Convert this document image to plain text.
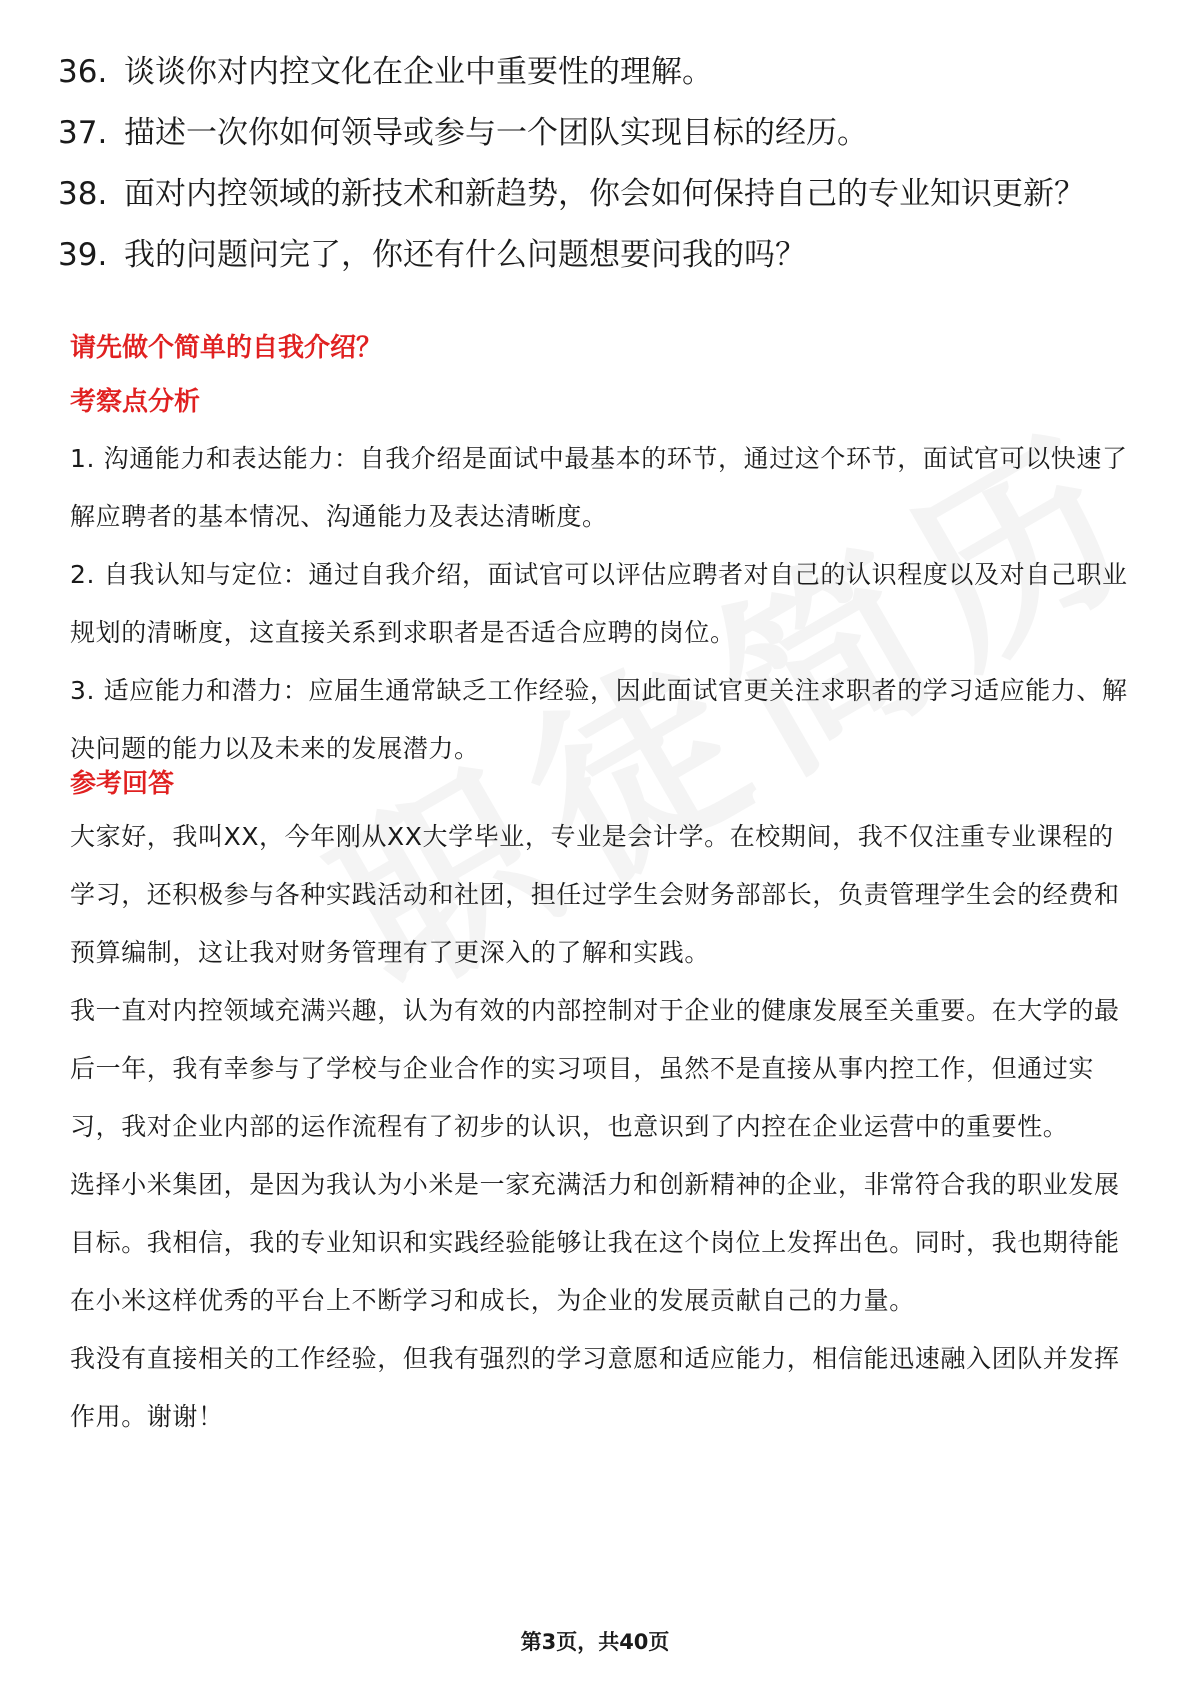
36. 谈谈你对内控文化在企业中重要性的理解。
37. 描述一次你如何领导或参与一个团队实现目标的经历。
38. 面对内控领域的新技术和新趋势，你会如何保持自己的专业知识更新？
39. 我的问题问完了，你还有什么问题想要问我的吗？
请先做个简单的自我介绍？
考察点分析
1. 沟通能力和表达能力：自我介绍是面试中最基本的环节，通过这个环节，面试官可以快速了解应聘者的基本情况、沟通能力及表达清晰度。
2. 自我认知与定位：通过自我介绍，面试官可以评估应聘者对自己的认识程度以及对自己职业规划的清晰度，这直接关系到求职者是否适合应聘的岗位。
3. 适应能力和潜力：应届生通常缺乏工作经验，因此面试官更关注求职者的学习适应能力、解决问题的能力以及未来的发展潜力。
参考回答
大家好，我叫XX，今年刚从XX大学毕业，专业是会计学。在校期间，我不仅注重专业课程的学习，还积极参与各种实践活动和社团，担任过学生会财务部部长，负责管理学生会的经费和预算编制，这让我对财务管理有了更深入的了解和实践。
我一直对内控领域充满兴趣，认为有效的内部控制对于企业的健康发展至关重要。在大学的最后一年，我有幸参与了学校与企业合作的实习项目，虽然不是直接从事内控工作，但通过实习，我对企业内部的运作流程有了初步的认识，也意识到了内控在企业运营中的重要性。
选择小米集团，是因为我认为小米是一家充满活力和创新精神的企业，非常符合我的职业发展目标。我相信，我的专业知识和实践经验能够让我在这个岗位上发挥出色。同时，我也期待能在小米这样优秀的平台上不断学习和成长，为企业的发展贡献自己的力量。
我没有直接相关的工作经验，但我有强烈的学习意愿和适应能力，相信能迅速融入团队并发挥作用。谢谢！
第3页，共40页
